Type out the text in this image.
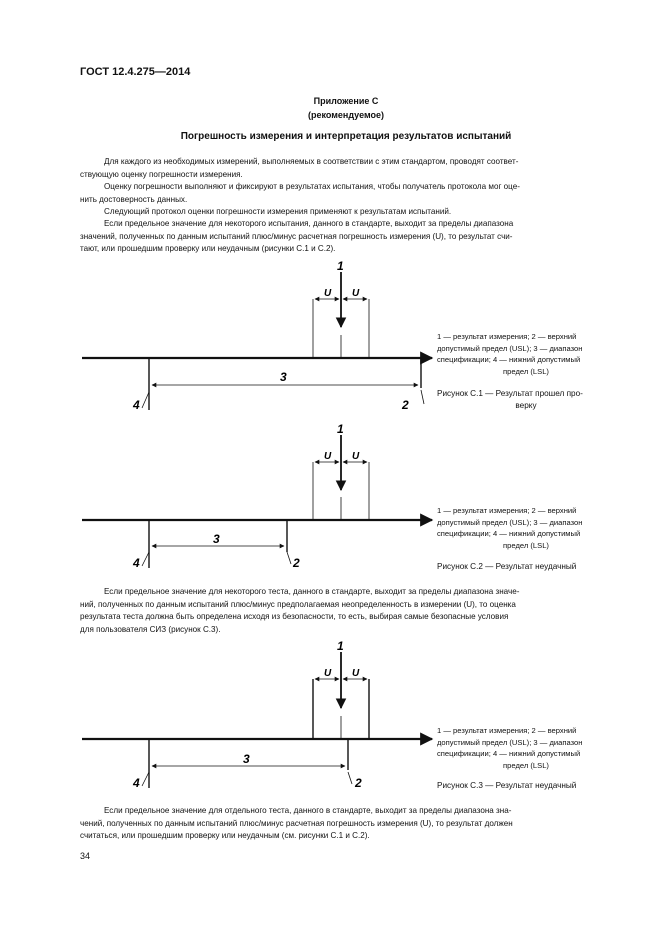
ГОСТ 12.4.275—2014
Приложение С
(рекомендуемое)
Погрешность измерения и интерпретация результатов испытаний
Для каждого из необходимых измерений, выполняемых в соответствии с этим стандартом, проводят соответ-
ствующую оценку погрешности измерения.
Оценку погрешности выполняют и фиксируют в результатах испытания, чтобы получатель протокола мог оце-
нить достоверность данных.
Следующий протокол оценки погрешности измерения применяют к результатам испытаний.
Если предельное значение для некоторого испытания, данного в стандарте, выходит за пределы диапазона
значений, полученных по данным испытаний плюс/минус расчетная погрешность измерения (U), то результат счи-
тают, или прошедшим проверку или неудачным (рисунки С.1 и С.2).
U U
1
3
4	2
U U
1
3
4	2
U U
1
3
4	2
1 — результат измерения; 2 — верхний
допустимый предел (USL); 3 — диапазон
спецификации; 4 — нижний допустимый
предел (LSL)
Рисунок С.1 — Результат прошел про-
верку
1 — результат измерения; 2 — верхний
допустимый предел (USL); 3 — диапазон
спецификации; 4 — нижний допустимый
предел (LSL)
Рисунок С.2 — Результат неудачный
Если предельное значение для некоторого теста, данного в стандарте, выходит за пределы диапазона значе-
ний, полученных по данным испытаний плюс/минус предполагаемая неопределенность в измерении (U), то оценка
результата теста должна быть определена исходя из безопасности, то есть, выбирая самые безопасные условия
для пользователя СИЗ (рисунок С.3).
1 — результат измерения; 2 — верхний
допустимый предел (USL); 3 — диапазон
спецификации; 4 — нижний допустимый
предел (LSL)
Рисунок С.3 — Результат неудачный
Если предельное значение для отдельного теста, данного в стандарте, выходит за пределы диапазона зна-
чений, полученных по данным испытаний плюс/минус расчетная погрешность измерения (U), то результат должен
считаться, или прошедшим проверку или неудачным (см. рисунки С.1 и С.2).
34
